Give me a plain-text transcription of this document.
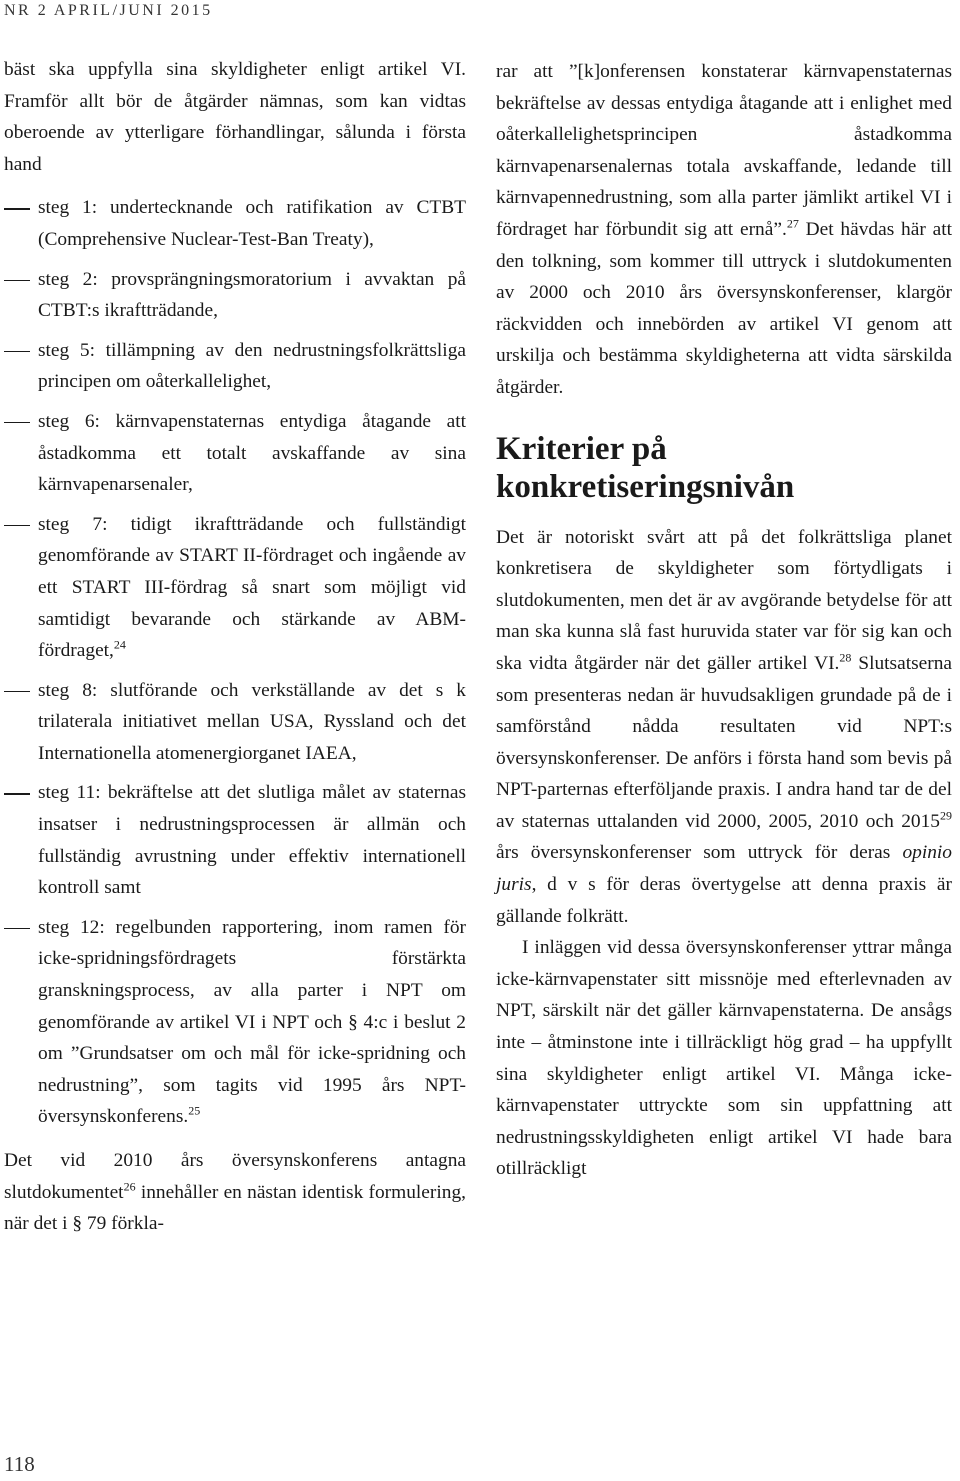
NR 2 APRIL/JUNI 2015

bäst ska uppfylla sina skyldigheter enligt artikel VI. Framför allt bör de åtgärder nämnas, som kan vidtas oberoende av ytterligare förhandlingar, sålunda i första hand

steg 1: undertecknande och ratifikation av CTBT (Comprehensive Nuclear-Test-Ban Treaty),
steg 2: provsprängningsmoratorium i avvaktan på CTBT:s ikraftträdande,
steg 5: tillämpning av den nedrustningsfolkrättsliga principen om oåterkallelighet,
steg 6: kärnvapenstaternas entydiga åtagande att åstadkomma ett totalt avskaffande av sina kärnvapenarsenaler,
steg 7: tidigt ikraftträdande och fullständigt genomförande av START II-fördraget och ingående av ett START III-fördrag så snart som möjligt vid samtidigt bevarande och stärkande av ABM-fördraget,$^{24}$
steg 8: slutförande och verkställande av det s k trilaterala initiativet mellan USA, Ryssland och det Internationella atomenergiorganet IAEA,
steg 11: bekräftelse att det slutliga målet av staternas insatser i nedrustningsprocessen är allmän och fullständig avrustning under effektiv internationell kontroll samt
steg 12: regelbunden rapportering, inom ramen för icke-spridningsfördragets förstärkta granskningsprocess, av alla parter i NPT om genomförande av artikel VI i NPT och § 4:c i beslut 2 om ”Grundsatser om och mål för icke-spridning och nedrustning”, som tagits vid 1995 års NPT-översynskonferens.$^{25}$

Det vid 2010 års översynskonferens antagna slutdokumentet$^{26}$ innehåller en nästan identisk formulering, när det i § 79 förkla-

rar att ”[k]onferensen konstaterar kärnvapenstaternas bekräftelse av dessas entydiga åtagande att i enlighet med oåterkallelighetsprincipen åstadkomma kärnvapenarsenalernas totala avskaffande, ledande till kärnvapennedrustning, som alla parter jämlikt artikel VI i fördraget har förbundit sig att ernå”.$^{27}$ Det hävdas här att den tolkning, som kommer till uttryck i slutdokumenten av 2000 och 2010 års översynskonferenser, klargör räckvidden och innebörden av artikel VI genom att urskilja och bestämma skyldigheterna att vidta särskilda åtgärder.

Kriterier på konkretiseringsnivån

Det är notoriskt svårt att på det folkrättsliga planet konkretisera de skyldigheter som förtydligats i slutdokumenten, men det är av avgörande betydelse för att man ska kunna slå fast huruvida stater var för sig kan och ska vidta åtgärder när det gäller artikel VI.$^{28}$ Slutsatserna som presenteras nedan är huvudsakligen grundade på de i samförstånd nådda resultaten vid NPT:s översynskonferenser. De anförs i första hand som bevis på NPT-parternas efterföljande praxis. I andra hand tar de del av staternas uttalanden vid 2000, 2005, 2010 och 2015$^{29}$ års översynskonferenser som uttryck för deras opinio juris, d v s för deras övertygelse att denna praxis är gällande folkrätt.

I inläggen vid dessa översynskonferenser yttrar många icke-kärnvapenstater sitt missnöje med efterlevnaden av NPT, särskilt när det gäller kärnvapenstaterna. De ansågs inte – åtminstone inte i tillräckligt hög grad – ha uppfyllt sina skyldigheter enligt artikel VI. Många icke-kärnvapenstater uttryckte som sin uppfattning att nedrustningsskyldigheten enligt artikel VI hade bara otillräckligt

118
